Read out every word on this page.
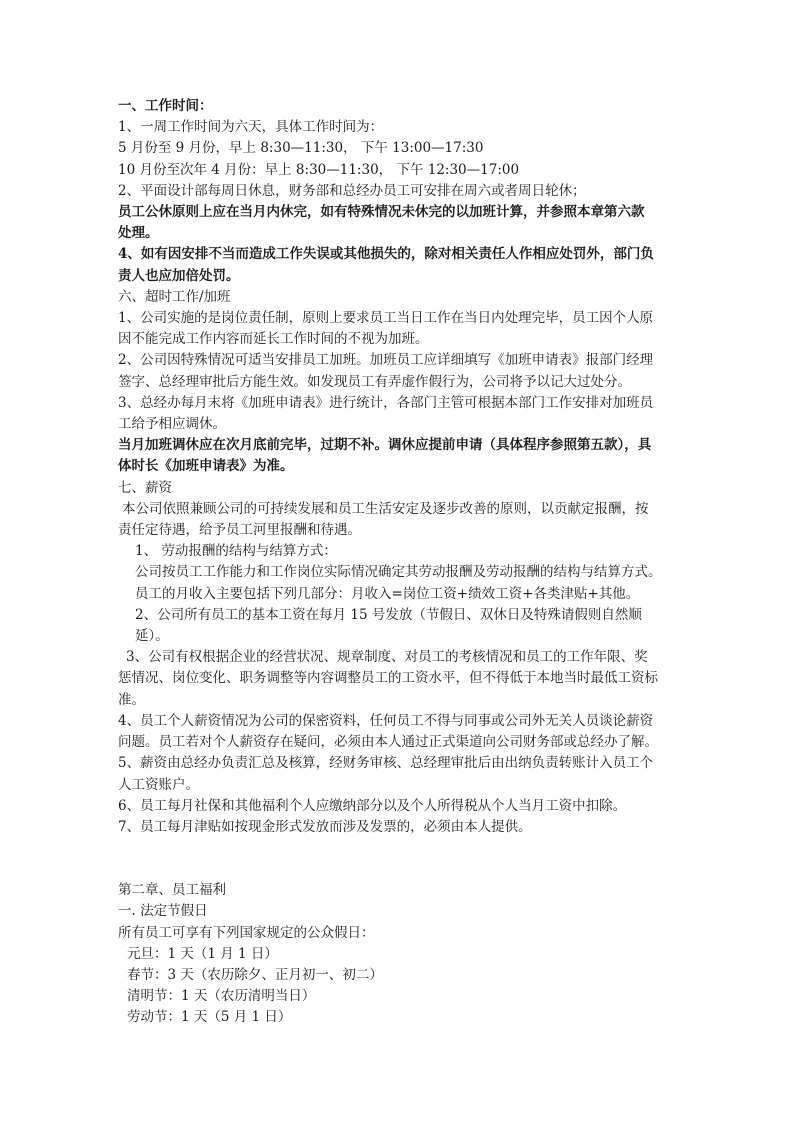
一、工作时间：

1、一周工作时间为六天，具体工作时间为：

5 月份至 9 月份，早上 8:30—11:30， 下午 13:00—17:30

10 月份至次年 4 月份：早上 8:30—11:30， 下午 12:30—17:00

2、平面设计部每周日休息，财务部和总经办员工可安排在周六或者周日轮休；

员工公休原则上应在当月内休完，如有特殊情况未休完的以加班计算，并参照本章第六款

处理。

4、如有因安排不当而造成工作失误或其他损失的，除对相关责任人作相应处罚外，部门负

责人也应加倍处罚。

六、超时工作/加班

1、公司实施的是岗位责任制，原则上要求员工当日工作在当日内处理完毕，员工因个人原

因不能完成工作内容而延长工作时间的不视为加班。

2、公司因特殊情况可适当安排员工加班。加班员工应详细填写《加班申请表》报部门经理

签字、总经理审批后方能生效。如发现员工有弄虚作假行为，公司将予以记大过处分。

3、总经办每月末将《加班申请表》进行统计，各部门主管可根据本部门工作安排对加班员

工给予相应调休。

当月加班调休应在次月底前完毕，过期不补。调休应提前申请（具体程序参照第五款），具

体时长《加班申请表》为准。

七、薪资

本公司依照兼顾公司的可持续发展和员工生活安定及逐步改善的原则，以贡献定报酬，按

责任定待遇，给予员工河里报酬和待遇。

1、 劳动报酬的结构与结算方式：

公司按员工工作能力和工作岗位实际情况确定其劳动报酬及劳动报酬的结构与结算方式。

员工的月收入主要包括下列几部分：月收入=岗位工资+绩效工资+各类津贴+其他。

2、公司所有员工的基本工资在每月 15 号发放（节假日、双休日及特殊请假则自然顺

延）。

3、公司有权根据企业的经营状况、规章制度、对员工的考核情况和员工的工作年限、奖

惩情况、岗位变化、职务调整等内容调整员工的工资水平，但不得低于本地当时最低工资标

准。

4、员工个人薪资情况为公司的保密资料，任何员工不得与同事或公司外无关人员谈论薪资

问题。员工若对个人薪资存在疑问，必须由本人通过正式渠道向公司财务部或总经办了解。

5、薪资由总经办负责汇总及核算，经财务审核、总经理审批后由出纳负责转账计入员工个

人工资账户。

6、员工每月社保和其他福利个人应缴纳部分以及个人所得税从个人当月工资中扣除。

7、员工每月津贴如按现金形式发放而涉及发票的，必须由本人提供。

第二章、员工福利

一. 法定节假日

所有员工可享有下列国家规定的公众假日：

元旦：1 天（1 月 1 日）

春节：3 天（农历除夕、正月初一、初二）

清明节：1 天（农历清明当日）

劳动节：1 天（5 月 1 日）
